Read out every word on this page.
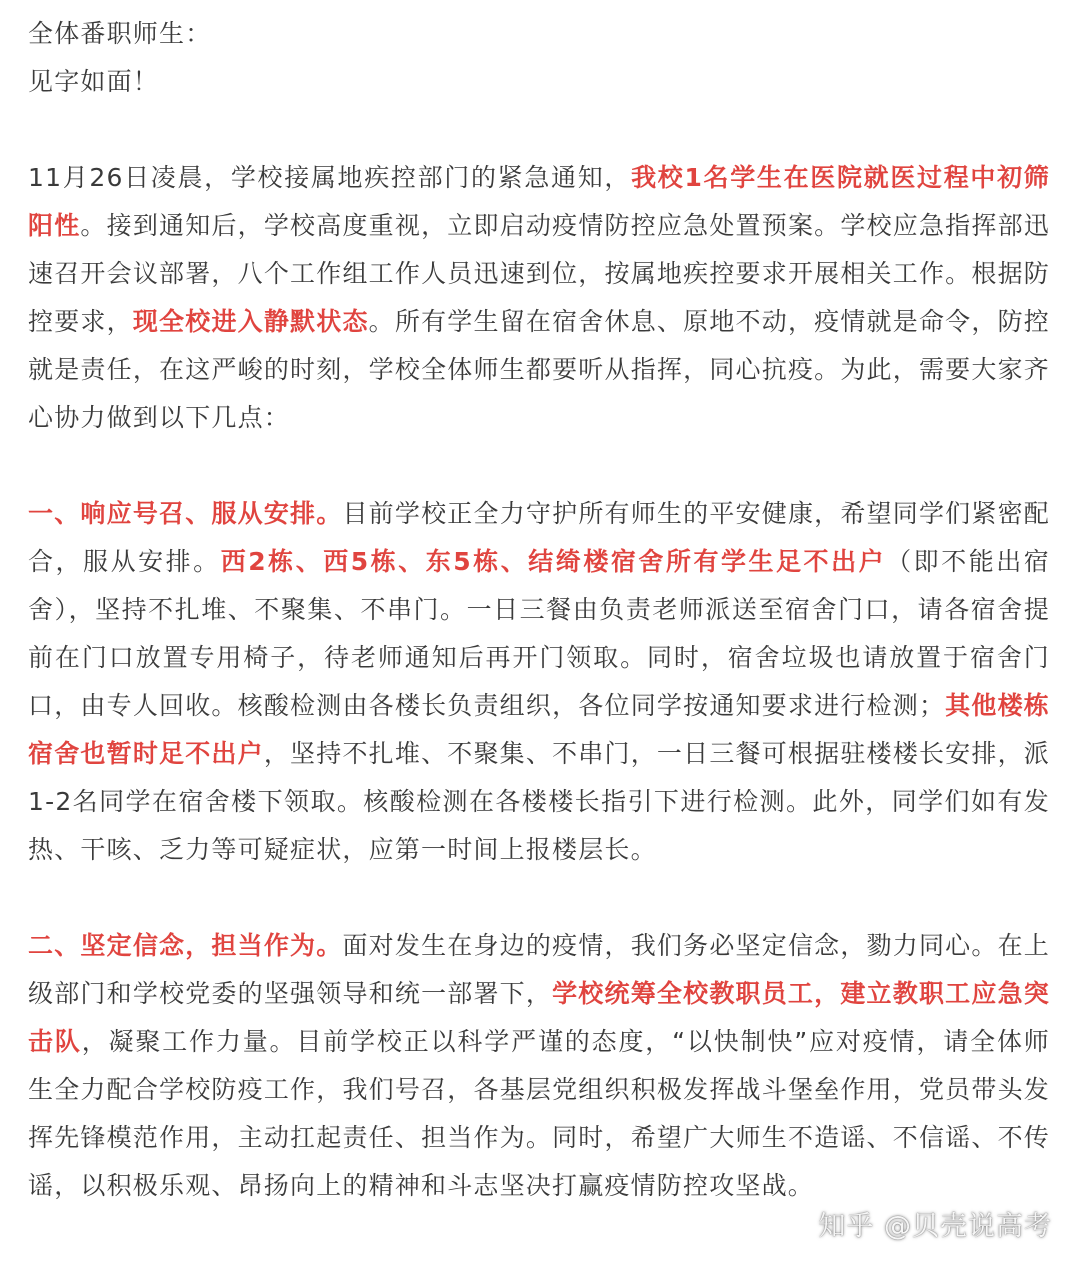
全体番职师生：

见字如面！

11月26日凌晨，学校接属地疾控部门的紧急通知，我校1名学生在医院就医过程中初筛阳性。接到通知后，学校高度重视，立即启动疫情防控应急处置预案。学校应急指挥部迅速召开会议部署，八个工作组工作人员迅速到位，按属地疾控要求开展相关工作。根据防控要求，现全校进入静默状态。所有学生留在宿舍休息、原地不动，疫情就是命令，防控就是责任，在这严峻的时刻，学校全体师生都要听从指挥，同心抗疫。为此，需要大家齐心协力做到以下几点：

一、响应号召、服从安排。目前学校正全力守护所有师生的平安健康，希望同学们紧密配合，服从安排。西2栋、西5栋、东5栋、结绮楼宿舍所有学生足不出户（即不能出宿舍），坚持不扎堆、不聚集、不串门。一日三餐由负责老师派送至宿舍门口，请各宿舍提前在门口放置专用椅子，待老师通知后再开门领取。同时，宿舍垃圾也请放置于宿舍门口，由专人回收。核酸检测由各楼长负责组织，各位同学按通知要求进行检测；其他楼栋宿舍也暂时足不出户，坚持不扎堆、不聚集、不串门，一日三餐可根据驻楼楼长安排，派1-2名同学在宿舍楼下领取。核酸检测在各楼楼长指引下进行检测。此外，同学们如有发热、干咳、乏力等可疑症状，应第一时间上报楼层长。

二、坚定信念，担当作为。面对发生在身边的疫情，我们务必坚定信念，勠力同心。在上级部门和学校党委的坚强领导和统一部署下，学校统筹全校教职员工，建立教职工应急突击队，凝聚工作力量。目前学校正以科学严谨的态度，“以快制快”应对疫情，请全体师生全力配合学校防疫工作，我们号召，各基层党组织积极发挥战斗堡垒作用，党员带头发挥先锋模范作用，主动扛起责任、担当作为。同时，希望广大师生不造谣、不信谣、不传谣，以积极乐观、昂扬向上的精神和斗志坚决打赢疫情防控攻坚战。

知乎 @贝壳说高考
